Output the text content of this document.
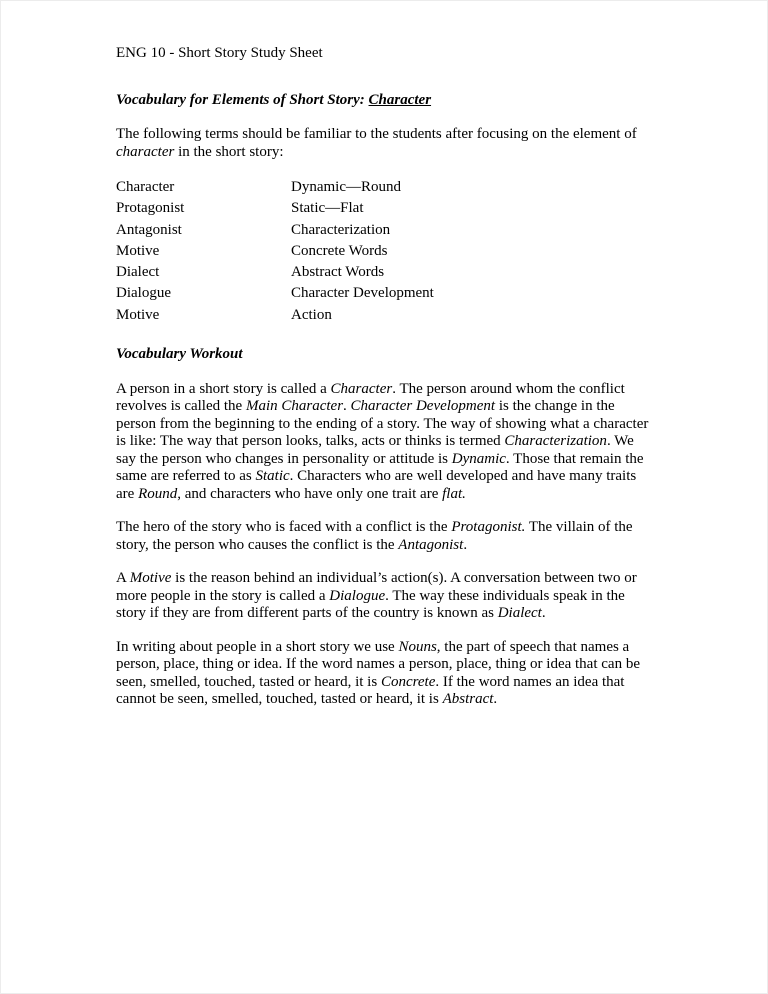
ENG 10 - Short Story Study Sheet
Vocabulary for Elements of Short Story: Character

The following terms should be familiar to the students after focusing on the element of character in the short story:

Character
Protagonist
Antagonist
Motive
Dialect
Dialogue
Motive
Dynamic—Round
Static—Flat
Characterization
Concrete Words
Abstract Words
Character Development
Action
Vocabulary Workout

A person in a short story is called a Character. The person around whom the conflict revolves is called the Main Character. Character Development is the change in the person from the beginning to the ending of a story. The way of showing what a character is like: The way that person looks, talks, acts or thinks is termed Characterization. We say the person who changes in personality or attitude is Dynamic. Those that remain the same are referred to as Static. Characters who are well developed and have many traits are Round, and characters who have only one trait are flat.

The hero of the story who is faced with a conflict is the Protagonist. The villain of the story, the person who causes the conflict is the Antagonist.

A Motive is the reason behind an individual’s action(s). A conversation between two or more people in the story is called a Dialogue. The way these individuals speak in the story if they are from different parts of the country is known as Dialect.

In writing about people in a short story we use Nouns, the part of speech that names a person, place, thing or idea. If the word names a person, place, thing or idea that can be seen, smelled, touched, tasted or heard, it is Concrete. If the word names an idea that cannot be seen, smelled, touched, tasted or heard, it is Abstract.
